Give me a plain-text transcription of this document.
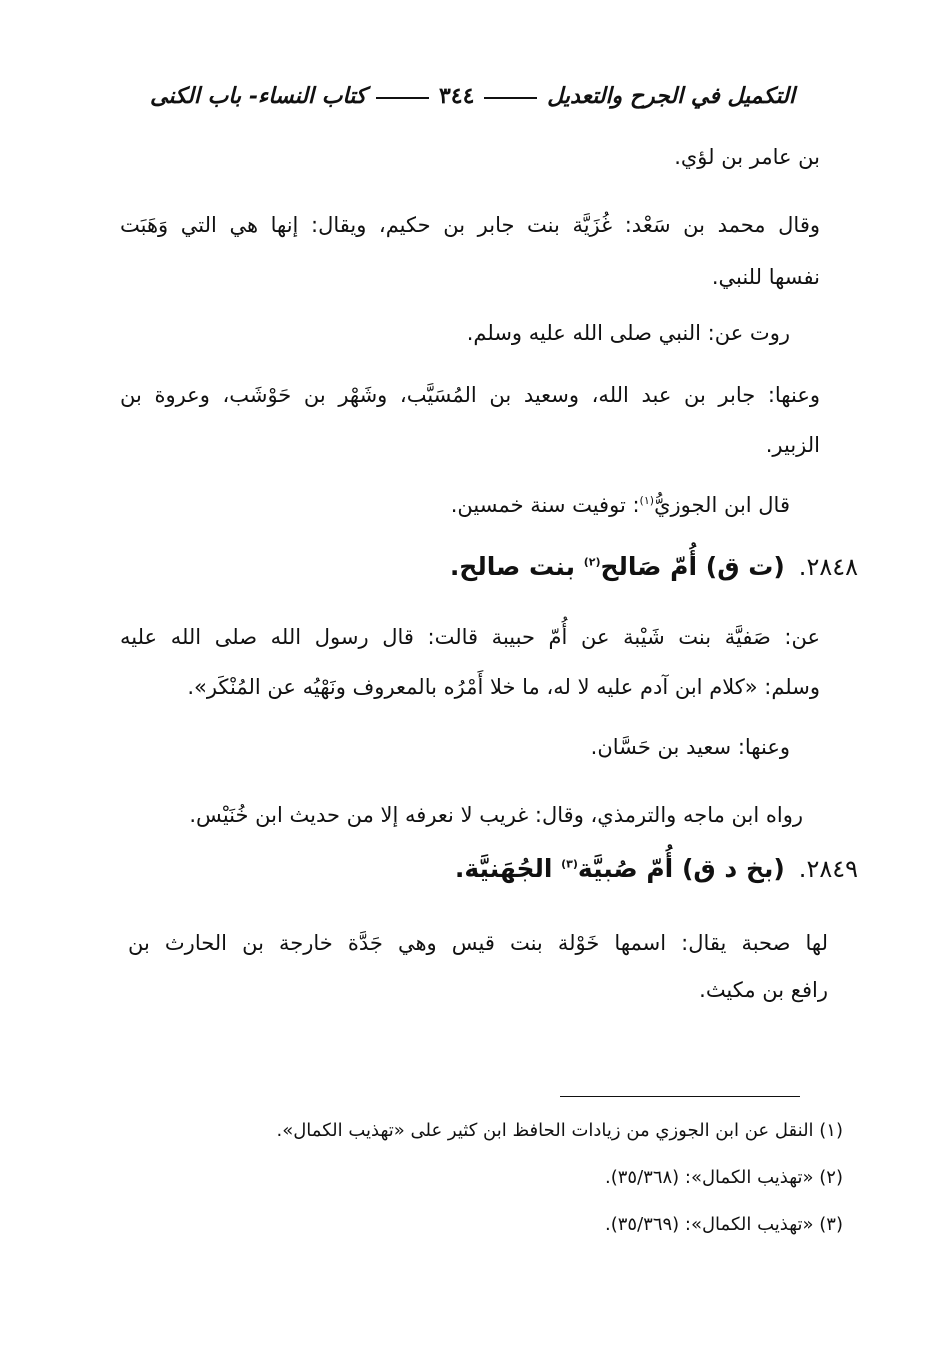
التكميل في الجرح والتعديل
٣٤٤
كتاب النساء- باب الكنى
بن عامر بن لؤي.
وقال محمد بن سَعْد: غُزَيَّة بنت جابر بن حكيم، ويقال: إنها هي التي وَهَبَت
نفسها للنبي.
روت عن: النبي صلى الله عليه وسلم.
وعنها: جابر بن عبد الله، وسعيد بن المُسَيَّب، وشَهْر بن حَوْشَب، وعروة بن
الزبير.
قال ابن الجوزيُّ$^{(١)}$: توفيت سنة خمسين.
٢٨٤٨.(ت ق) أُمّ صَالح$^{(٢)}$ بنت صالح.
عن: صَفيَّة بنت شَيْبة عن أُمّ حبيبة قالت: قال رسول الله صلى الله عليه
وسلم: «كلام ابن آدم عليه لا له، ما خلا أَمْرُه بالمعروف ونَهْيُه عن المُنْكَر».
وعنها: سعيد بن حَسَّان.
رواه ابن ماجه والترمذي، وقال: غريب لا نعرفه إلا من حديث ابن خُنَيْس.
٢٨٤٩.(بخ د ق) أُمّ صُبيَّة$^{(٣)}$ الجُهَنيَّة.
لها صحبة يقال: اسمها خَوْلة بنت قيس وهي جَدَّة خارجة بن الحارث بن
رافع بن مكيث.
(١) النقل عن ابن الجوزي من زيادات الحافظ ابن كثير على «تهذيب الكمال».
(٢) «تهذيب الكمال»: (٣٥/٣٦٨).
(٣) «تهذيب الكمال»: (٣٥/٣٦٩).
